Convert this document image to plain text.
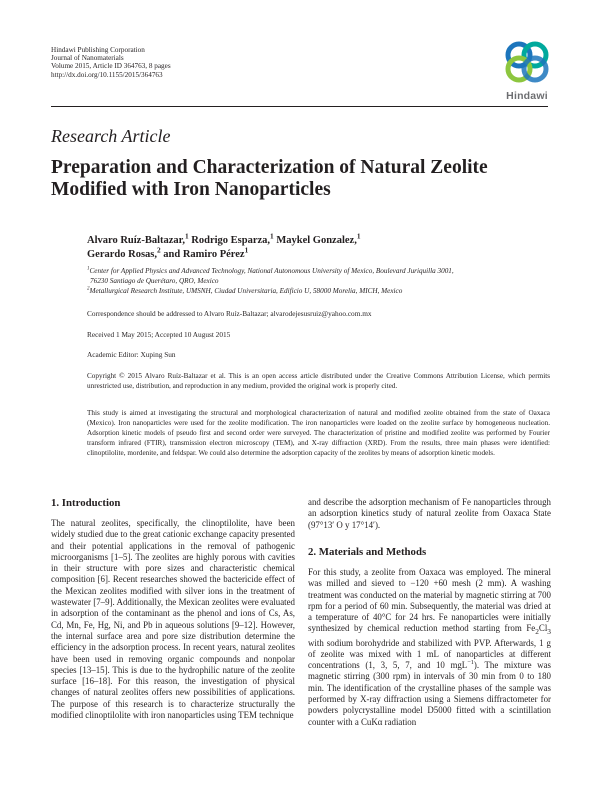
Hindawi Publishing Corporation
Journal of Nanomaterials
Volume 2015, Article ID 364763, 8 pages
http://dx.doi.org/10.1155/2015/364763
Hindawi
Research Article
Preparation and Characterization of Natural Zeolite Modified with Iron Nanoparticles
Alvaro Ruíz-Baltazar,$^1$ Rodrigo Esparza,$^1$ Maykel Gonzalez,$^1$
Gerardo Rosas,$^2$ and Ramiro Pérez$^1$
$^1$Center for Applied Physics and Advanced Technology, National Autonomous University of Mexico, Boulevard Juriquilla 3001,
76230 Santiago de Querétaro, QRO, Mexico
$^2$Metallurgical Research Institute, UMSNH, Ciudad Universitaria, Edificio U, 58000 Morelia, MICH, Mexico
Correspondence should be addressed to Alvaro Ruíz-Baltazar; alvarodejesusruiz@yahoo.com.mx
Received 1 May 2015; Accepted 10 August 2015
Academic Editor: Xuping Sun
Copyright © 2015 Alvaro Ruíz-Baltazar et al. This is an open access article distributed under the Creative Commons Attribution License, which permits unrestricted use, distribution, and reproduction in any medium, provided the original work is properly cited.
This study is aimed at investigating the structural and morphological characterization of natural and modified zeolite obtained from the state of Oaxaca (Mexico). Iron nanoparticles were used for the zeolite modification. The iron nanoparticles were loaded on the zeolite surface by homogeneous nucleation. Adsorption kinetic models of pseudo first and second order were surveyed. The characterization of pristine and modified zeolite was performed by Fourier transform infrared (FTIR), transmission electron microscopy (TEM), and X-ray diffraction (XRD). From the results, three main phases were identified: clinoptilolite, mordenite, and feldspar. We could also determine the adsorption capacity of the zeolites by means of adsorption kinetic models.
1. Introduction

The natural zeolites, specifically, the clinoptilolite, have been widely studied due to the great cationic exchange capacity presented and their potential applications in the removal of pathogenic microorganisms [1–5]. The zeolites are highly porous with cavities in their structure with pore sizes and characteristic chemical composition [6]. Recent researches showed the bactericide effect of the Mexican zeolites modified with silver ions in the treatment of wastewater [7–9]. Additionally, the Mexican zeolites were evaluated in adsorption of the contaminant as the phenol and ions of Cs, As, Cd, Mn, Fe, Hg, Ni, and Pb in aqueous solutions [9–12]. However, the internal surface area and pore size distribution determine the efficiency in the adsorption process. In recent years, natural zeolites have been used in removing organic compounds and nonpolar species [13–15]. This is due to the hydrophilic nature of the zeolite surface [16–18]. For this reason, the investigation of physical changes of natural zeolites offers new possibilities of applications. The purpose of this research is to characterize structurally the modified clinoptilolite with iron nanoparticles using TEM technique

and describe the adsorption mechanism of Fe nanoparticles through an adsorption kinetics study of natural zeolite from Oaxaca State (97°13′ O y 17°14′).

2. Materials and Methods

For this study, a zeolite from Oaxaca was employed. The mineral was milled and sieved to −120 +60 mesh (2 mm). A washing treatment was conducted on the material by magnetic stirring at 700 rpm for a period of 60 min. Subsequently, the material was dried at a temperature of 40°C for 24 hrs. Fe nanoparticles were initially synthesized by chemical reduction method starting from $Fe_2Cl_3$ with sodium borohydride and stabilized with PVP. Afterwards, 1 g of zeolite was mixed with 1 mL of nanoparticles at different concentrations (1, 3, 5, 7, and 10 mgL$^{-1}$). The mixture was magnetic stirring (300 rpm) in intervals of 30 min from 0 to 180 min. The identification of the crystalline phases of the sample was performed by X-ray diffraction using a Siemens diffractometer for powders polycrystalline model D5000 fitted with a scintillation counter with a CuKα radiation
